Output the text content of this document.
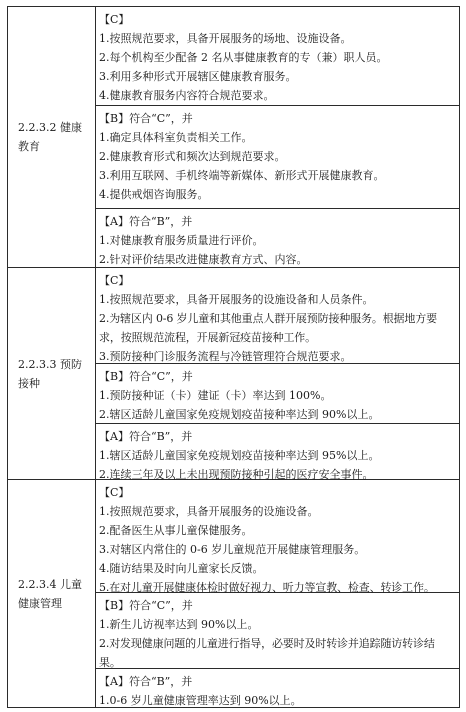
2.2.3.2 健康教育
【C】
1.按照规范要求，具备开展服务的场地、设施设备。
2.每个机构至少配备 2 名从事健康教育的专（兼）职人员。
3.利用多种形式开展辖区健康教育服务。
4.健康教育服务内容符合规范要求。
【B】符合“C”，并
1.确定具体科室负责相关工作。
2.健康教育形式和频次达到规范要求。
3.利用互联网、手机终端等新媒体、新形式开展健康教育。
4.提供戒烟咨询服务。
【A】符合“B”，并
1.对健康教育服务质量进行评价。
2.针对评价结果改进健康教育方式、内容。
2.2.3.3 预防接种
【C】
1.按照规范要求，具备开展服务的设施设备和人员条件。
2.为辖区内 0-6 岁儿童和其他重点人群开展预防接种服务。根据地方要求，按照规范流程，开展新冠疫苗接种工作。
3.预防接种门诊服务流程与冷链管理符合规范要求。
【B】符合“C”，并
1.预防接种证（卡）建证（卡）率达到 100%。
2.辖区适龄儿童国家免疫规划疫苗接种率达到 90%以上。
【A】符合“B”，并
1.辖区适龄儿童国家免疫规划疫苗接种率达到 95%以上。
2.连续三年及以上未出现预防接种引起的医疗安全事件。
2.2.3.4 儿童健康管理
【C】
1.按照规范要求，具备开展服务的设施设备。
2.配备医生从事儿童保健服务。
3.对辖区内常住的 0-6 岁儿童规范开展健康管理服务。
4.随访结果及时向儿童家长反馈。
5.在对儿童开展健康体检时做好视力、听力等宣教、检查、转诊工作。
【B】符合“C”，并
1.新生儿访视率达到 90%以上。
2.对发现健康问题的儿童进行指导，必要时及时转诊并追踪随访转诊结果。
【A】符合“B”，并
1.0-6 岁儿童健康管理率达到 90%以上。
